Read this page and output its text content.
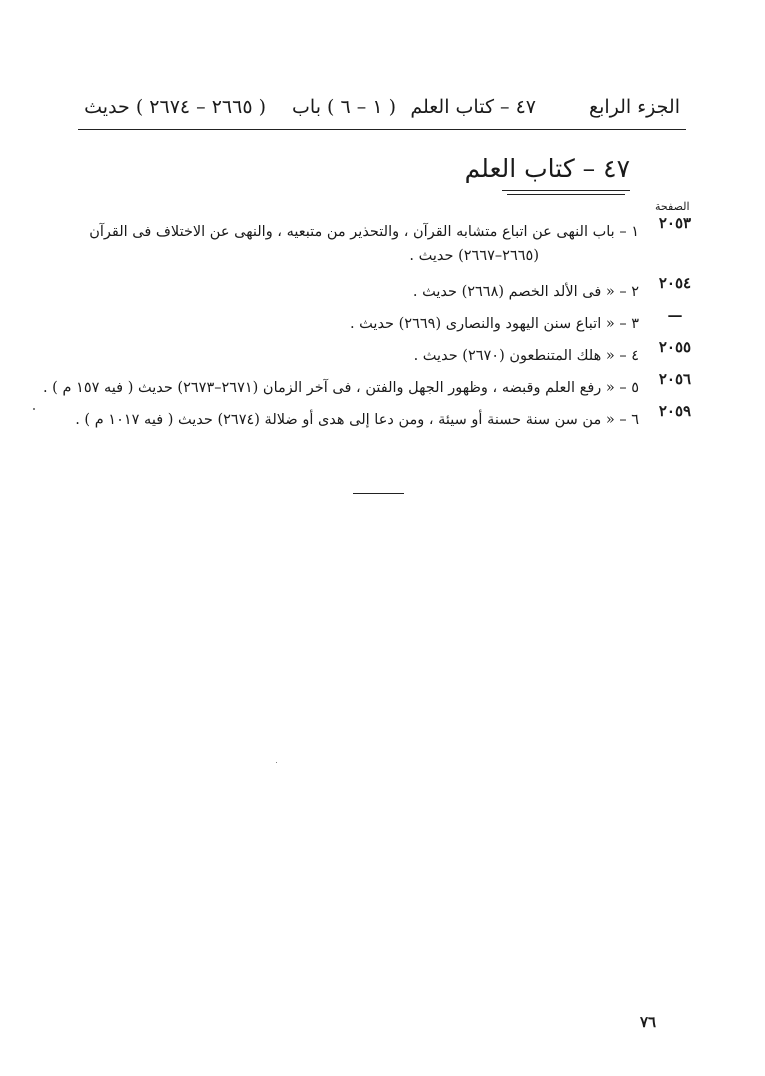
الجزء الرابع
٤٧ – كتاب العلم
( ١ – ٦ ) باب
( ٢٦٦٥ – ٢٦٧٤ ) حديث
٤٧ – كتاب العلم
الصفحة
٢٠٥٣
١ – باب النهى عن اتباع متشابه القرآن ، والتحذير من متبعيه ، والنهى عن الاختلاف فى القرآن
(٢٦٦٥–٢٦٦٧) حديث .
٢٠٥٤
٢ – « فى الألد الخصم (٢٦٦٨) حديث .
—
٣ – « اتباع سنن اليهود والنصارى (٢٦٦٩) حديث .
٢٠٥٥
٤ – « هلك المتنطعون (٢٦٧٠) حديث .
٢٠٥٦
٥ – « رفع العلم وقبضه ، وظهور الجهل والفتن ، فى آخر الزمان (٢٦٧١–٢٦٧٣) حديث ( فيه ١٥٧ م ) .
٢٠٥٩
٦ – « من سن سنة حسنة أو سيئة ، ومن دعا إلى هدى أو ضلالة (٢٦٧٤) حديث ( فيه ١٠١٧ م ) .
٧٦
